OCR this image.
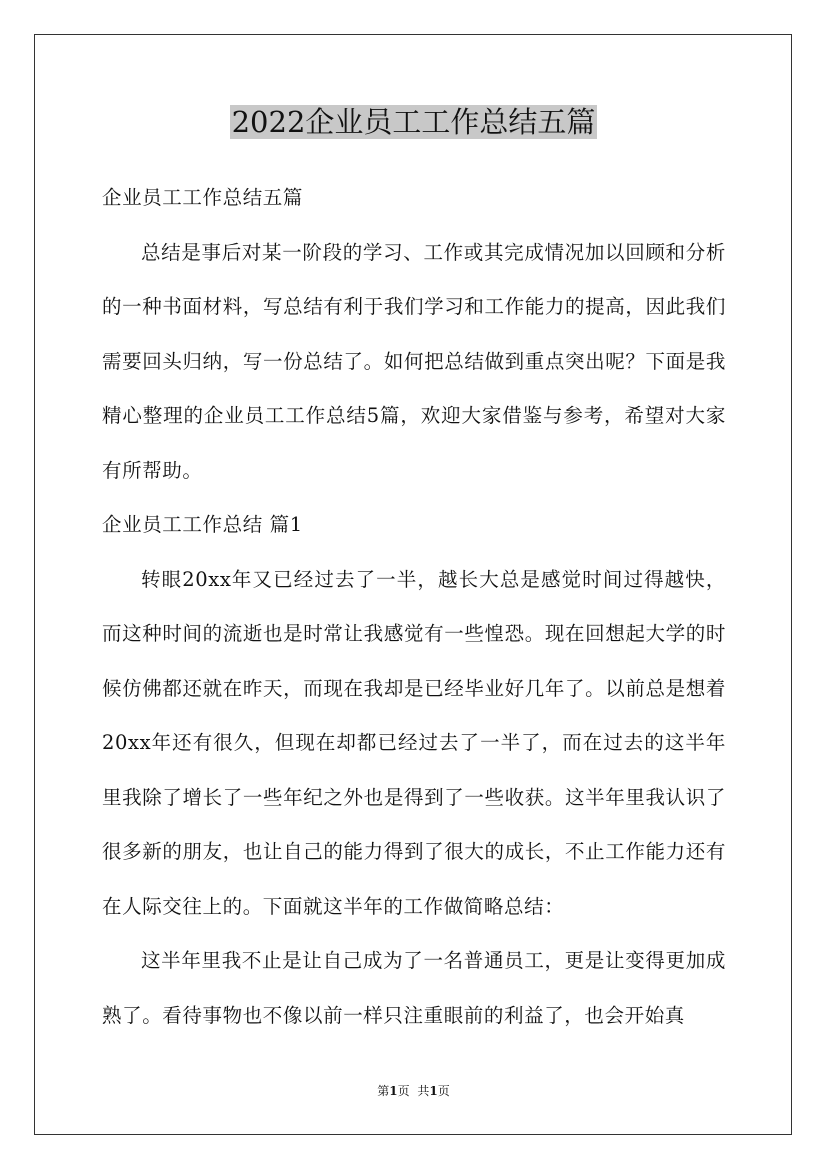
2022企业员工工作总结五篇

企业员工工作总结五篇

总结是事后对某一阶段的学习、工作或其完成情况加以回顾和分析的一种书面材料，写总结有利于我们学习和工作能力的提高，因此我们需要回头归纳，写一份总结了。如何把总结做到重点突出呢？下面是我精心整理的企业员工工作总结5篇，欢迎大家借鉴与参考，希望对大家有所帮助。

企业员工工作总结 篇1

转眼20xx年又已经过去了一半，越长大总是感觉时间过得越快，而这种时间的流逝也是时常让我感觉有一些惶恐。现在回想起大学的时候仿佛都还就在昨天，而现在我却是已经毕业好几年了。以前总是想着20xx年还有很久，但现在却都已经过去了一半了，而在过去的这半年里我除了增长了一些年纪之外也是得到了一些收获。这半年里我认识了很多新的朋友，也让自己的能力得到了很大的成长，不止工作能力还有在人际交往上的。下面就这半年的工作做简略总结：

这半年里我不止是让自己成为了一名普通员工，更是让变得更加成熟了。看待事物也不像以前一样只注重眼前的利益了，也会开始真

第1页 共1页
